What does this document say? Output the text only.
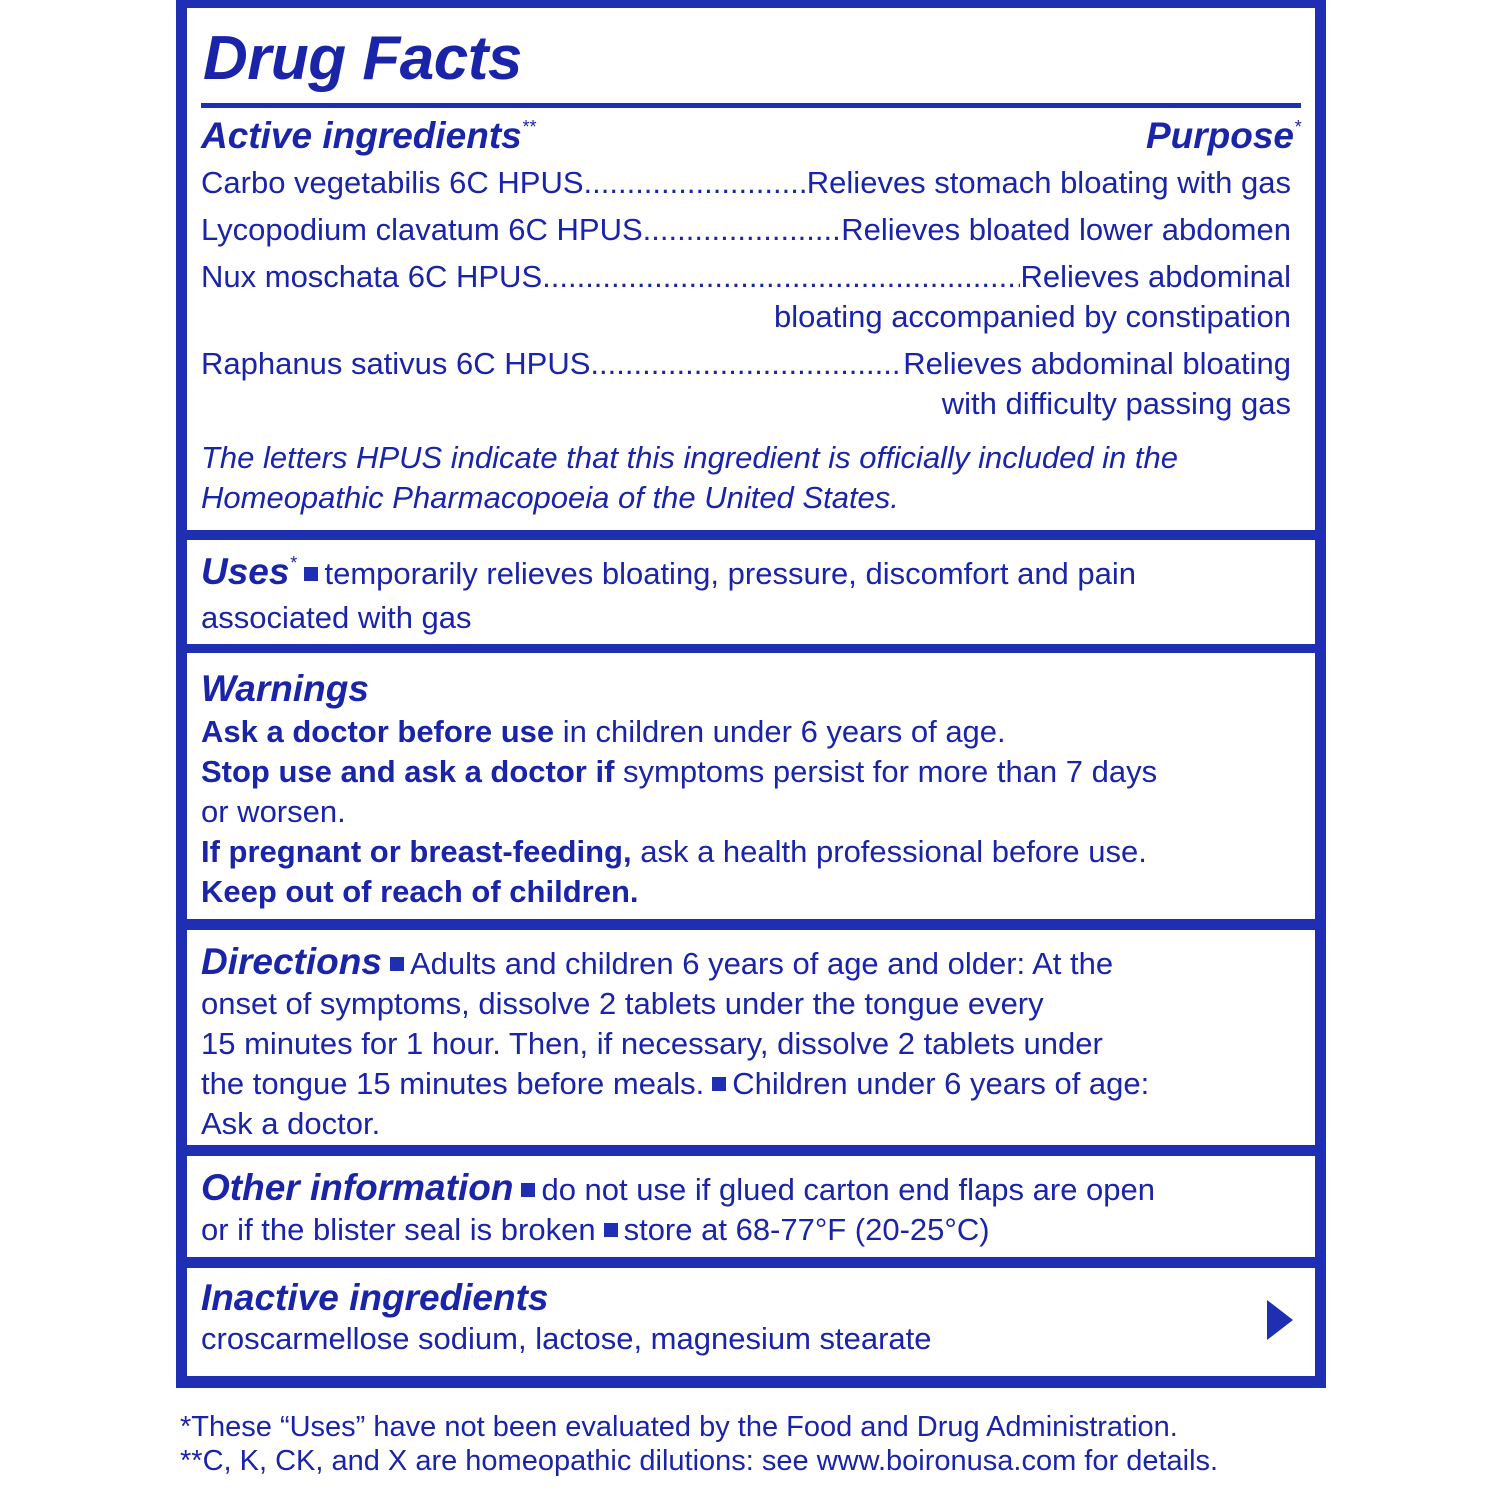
Drug Facts
Active ingredients**	Purpose*
Carbo vegetabilis 6C HPUS .....	Relieves stomach bloating with gas
Lycopodium clavatum 6C HPUS .....	Relieves bloated lower abdomen
Nux moschata 6C HPUS .....	Relieves abdominal
bloating accompanied by constipation
Raphanus sativus 6C HPUS .....	Relieves abdominal bloating
with difficulty passing gas
The letters HPUS indicate that this ingredient is officially included in the
Homeopathic Pharmacopoeia of the United States.
Uses* temporarily relieves bloating, pressure, discomfort and pain
associated with gas
Warnings
Ask a doctor before use in children under 6 years of age.
Stop use and ask a doctor if symptoms persist for more than 7 days
or worsen.
If pregnant or breast-feeding, ask a health professional before use.
Keep out of reach of children.
Directions Adults and children 6 years of age and older: At the
onset of symptoms, dissolve 2 tablets under the tongue every
15 minutes for 1 hour. Then, if necessary, dissolve 2 tablets under
the tongue 15 minutes before meals. Children under 6 years of age:
Ask a doctor.
Other information do not use if glued carton end flaps are open
or if the blister seal is broken store at 68-77°F (20-25°C)
Inactive ingredients
croscarmellose sodium, lactose, magnesium stearate
*These “Uses” have not been evaluated by the Food and Drug Administration.
**C, K, CK, and X are homeopathic dilutions: see www.boironusa.com for details.
